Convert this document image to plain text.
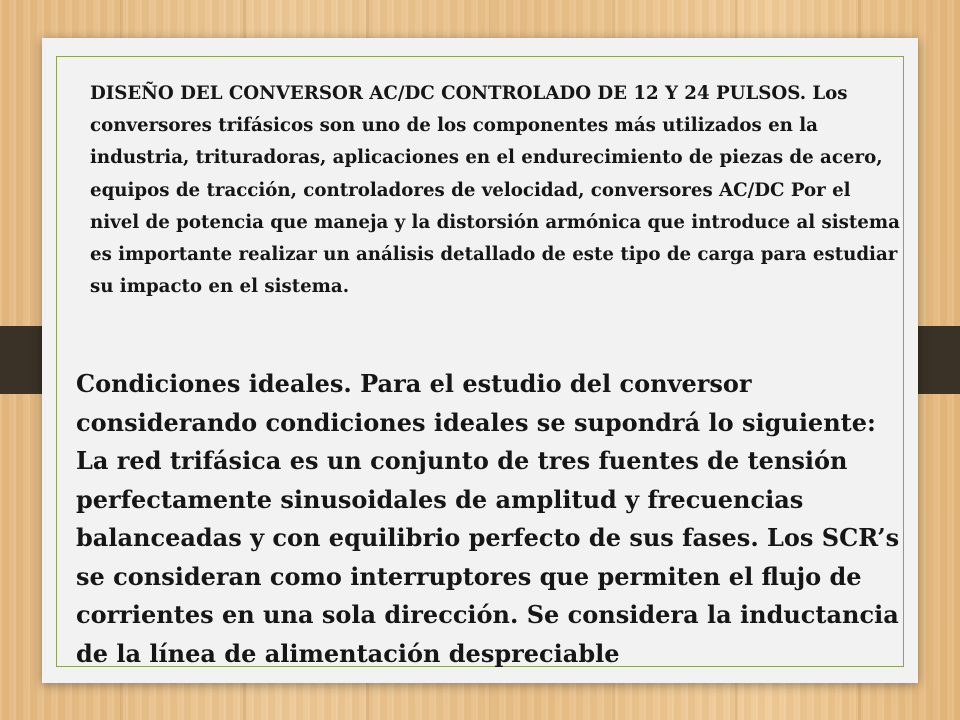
DISEÑO DEL CONVERSOR AC/DC CONTROLADO DE 12 Y 24 PULSOS. Los conversores trifásicos son uno de los componentes más utilizados en la industria, trituradoras, aplicaciones en el endurecimiento de piezas de acero, equipos de tracción, controladores de velocidad, conversores AC/DC Por el nivel de potencia que maneja y la distorsión armónica que introduce al sistema es importante realizar un análisis detallado de este tipo de carga para estudiar su impacto en el sistema.

Condiciones ideales. Para el estudio del conversor considerando condiciones ideales se supondrá lo siguiente: La red trifásica es un conjunto de tres fuentes de tensión perfectamente sinusoidales de amplitud y frecuencias balanceadas y con equilibrio perfecto de sus fases. Los SCR’s se consideran como interruptores que permiten el flujo de corrientes en una sola dirección. Se considera la inductancia de la línea de alimentación despreciable
